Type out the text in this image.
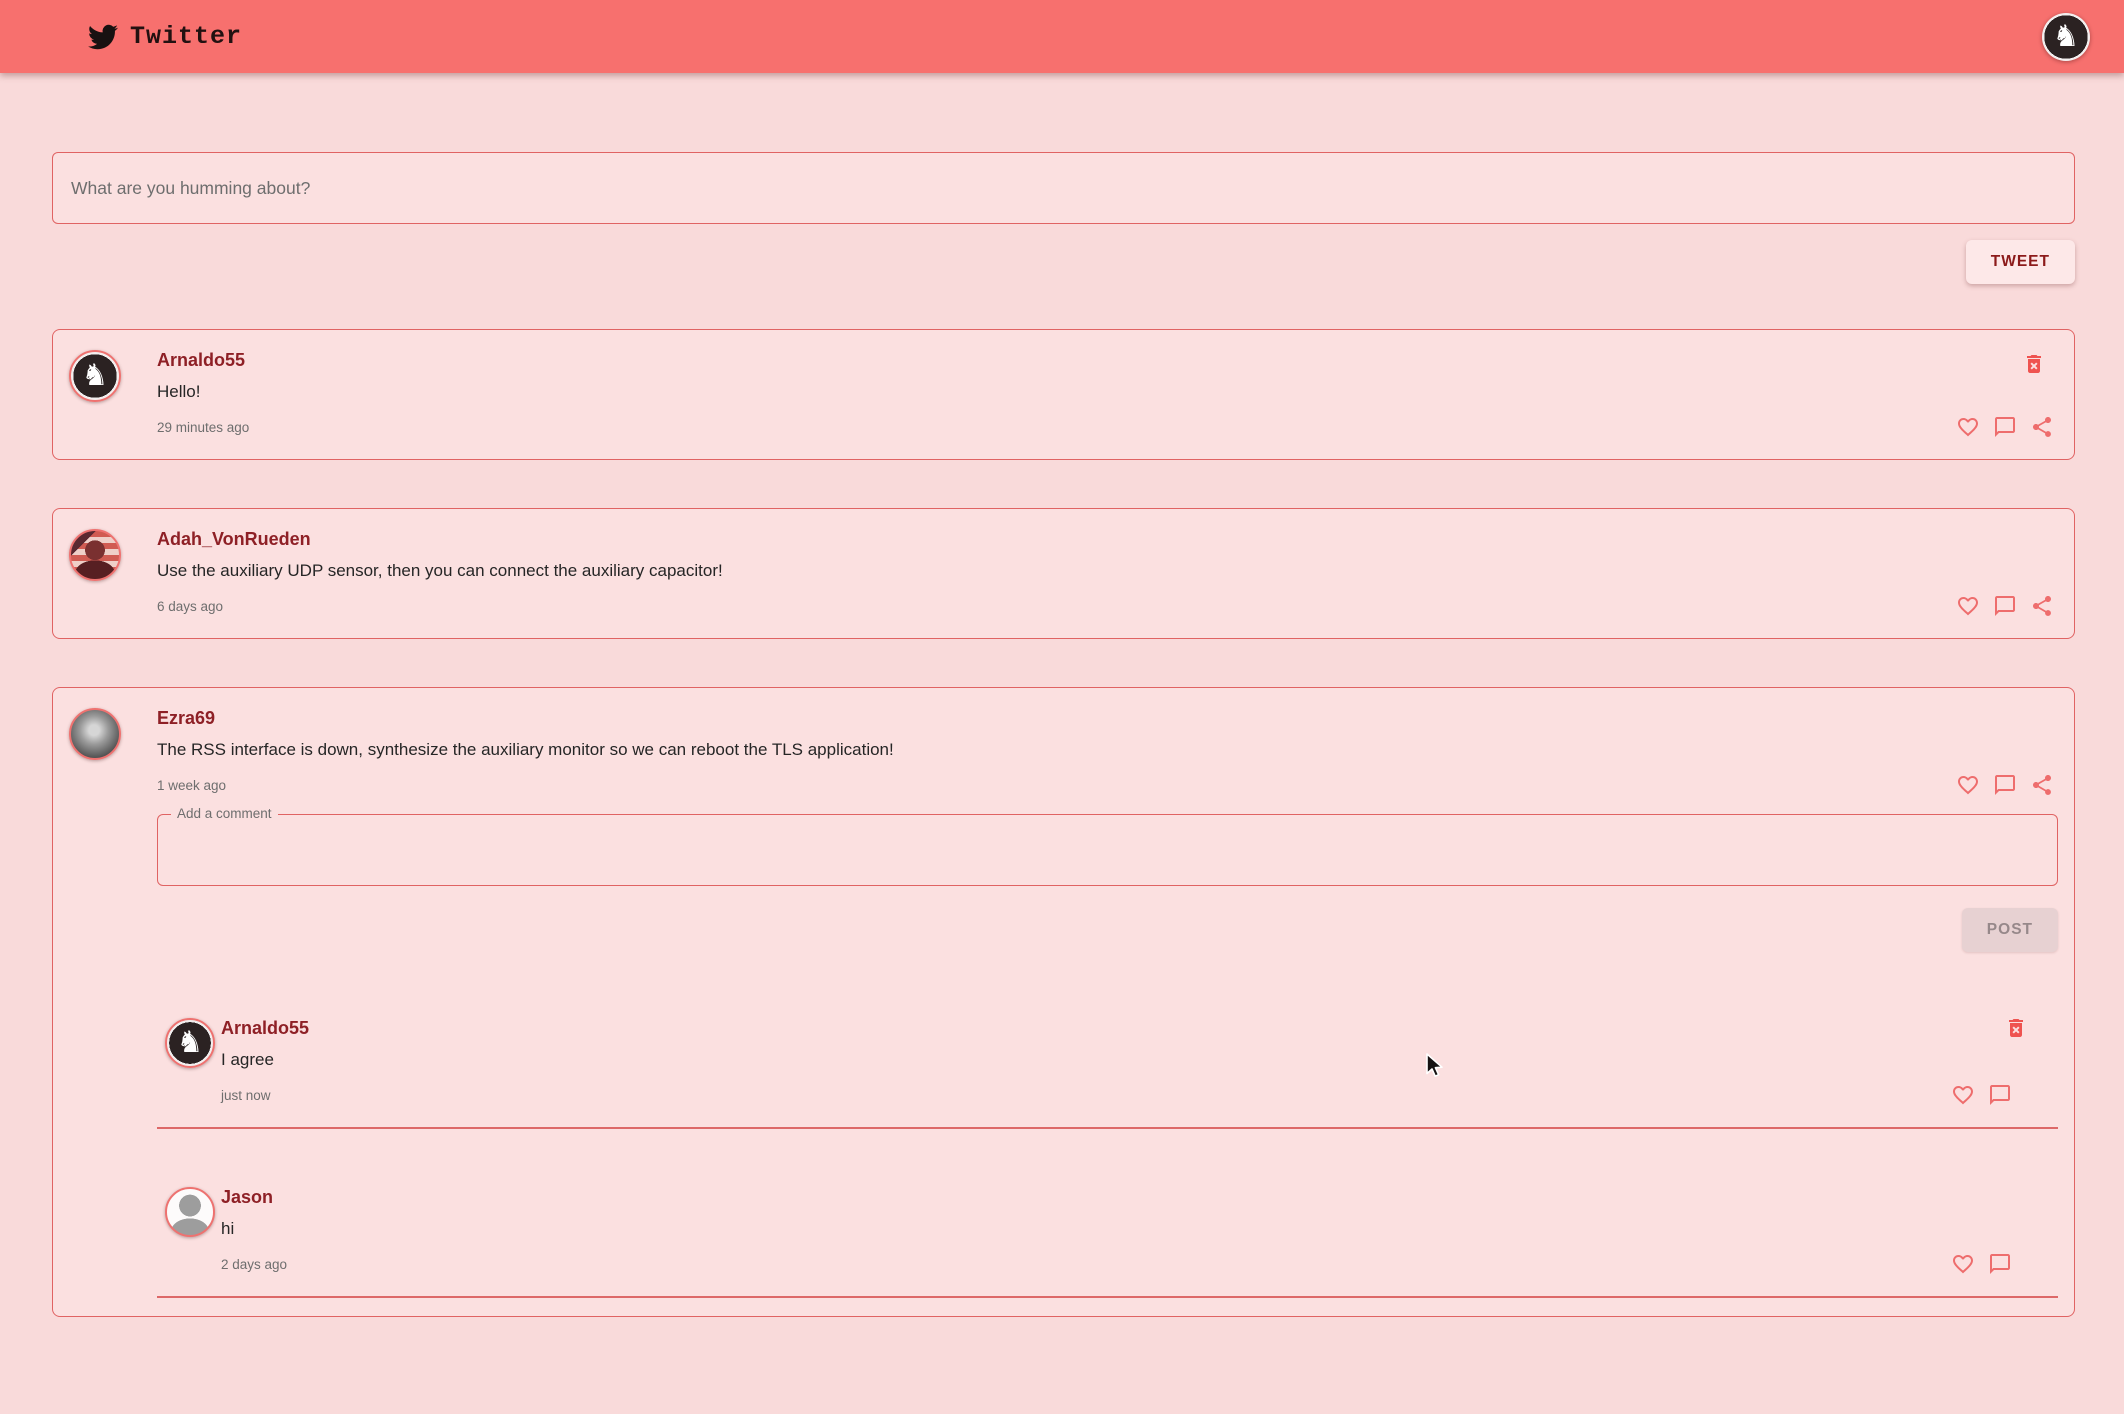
Twitter	♞
What are you humming about?
TWEET
♞	Arnaldo55
Hello!
29 minutes ago
Adah_VonRueden
Use the auxiliary UDP sensor, then you can connect the auxiliary capacitor!
6 days ago
Ezra69
The RSS interface is down, synthesize the auxiliary monitor so we can reboot the TLS application!
1 week ago
Add a comment
POST
♞ Arnaldo55
I agree
just now
Jason
hi
2 days ago
